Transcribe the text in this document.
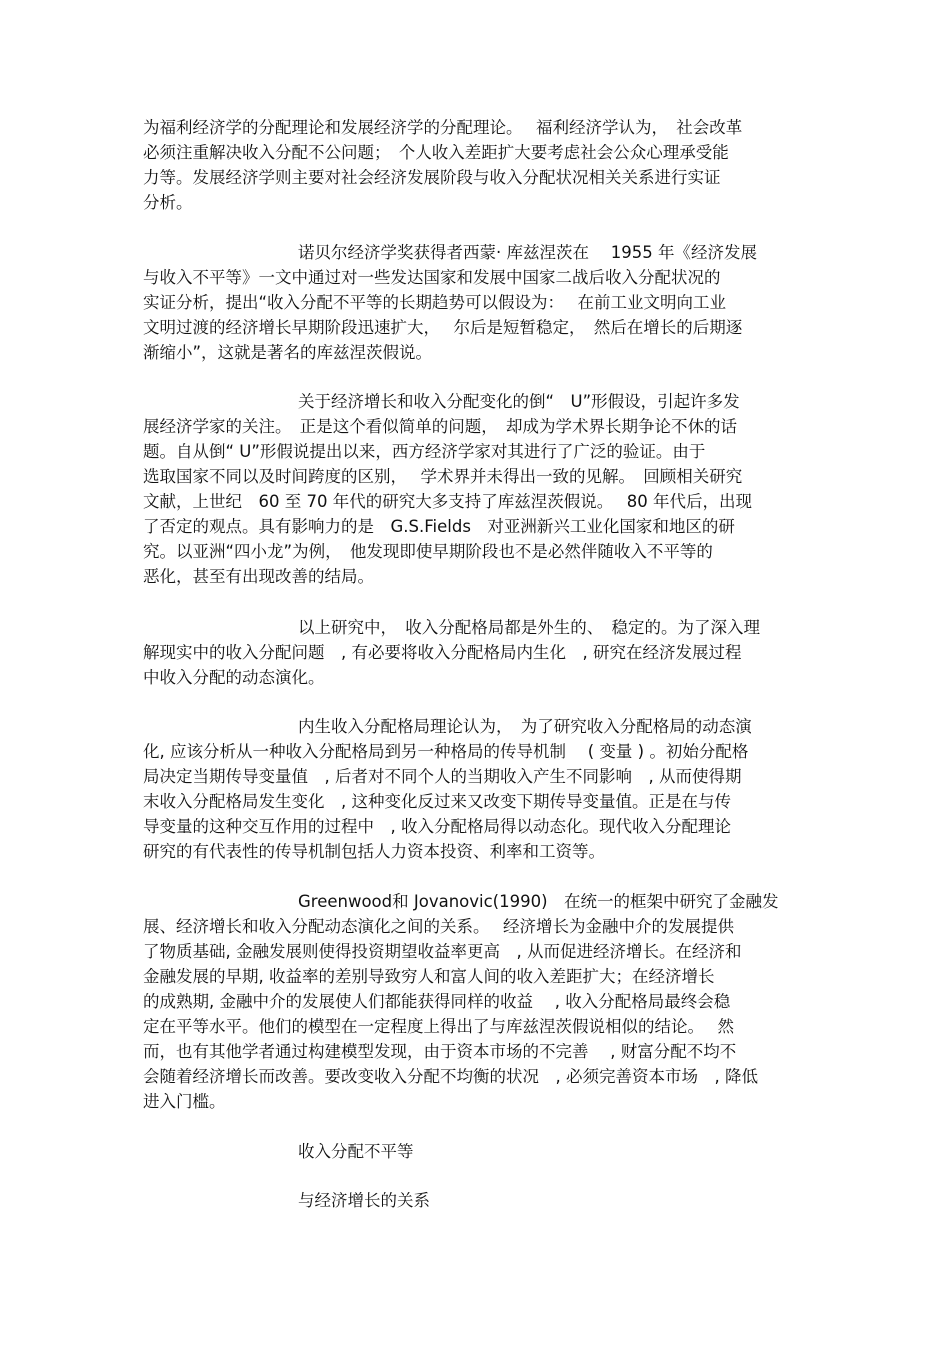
为福利经济学的分配理论和发展经济学的分配理论。　 福利经济学认为，　社会改革
必须注重解决收入分配不公问题；　个人收入差距扩大要考虑社会公众心理承受能
力等。发展经济学则主要对社会经济发展阶段与收入分配状况相关关系进行实证
分析。
诺贝尔经济学奖获得者西蒙· 库兹涅茨在　 1955 年《经济发展
与收入不平等》一文中通过对一些发达国家和发展中国家二战后收入分配状况的
实证分析，提出“收入分配不平等的长期趋势可以假设为：　 在前工业文明向工业
文明过渡的经济增长早期阶段迅速扩大，　 尔后是短暂稳定，　然后在增长的后期逐
渐缩小”，这就是著名的库兹涅茨假说。
关于经济增长和收入分配变化的倒“　U”形假设，引起许多发
展经济学家的关注。　正是这个看似简单的问题，　却成为学术界长期争论不休的话
题。自从倒“ U”形假说提出以来，西方经济学家对其进行了广泛的验证。由于
选取国家不同以及时间跨度的区别，　 学术界并未得出一致的见解。　回顾相关研究
文献，上世纪　60 至 70 年代的研究大多支持了库兹涅茨假说。　 80 年代后，出现
了否定的观点。具有影响力的是　G.S.Fields　对亚洲新兴工业化国家和地区的研
究。以亚洲“四小龙”为例，　他发现即使早期阶段也不是必然伴随收入不平等的
恶化，甚至有出现改善的结局。
以上研究中，　收入分配格局都是外生的、　稳定的。为了深入理
解现实中的收入分配问题　, 有必要将收入分配格局内生化　, 研究在经济发展过程
中收入分配的动态演化。
内生收入分配格局理论认为，　为了研究收入分配格局的动态演
化, 应该分析从一种收入分配格局到另一种格局的传导机制　 ( 变量 ) 。初始分配格
局决定当期传导变量值　, 后者对不同个人的当期收入产生不同影响　, 从而使得期
末收入分配格局发生变化　, 这种变化反过来又改变下期传导变量值。正是在与传
导变量的这种交互作用的过程中　, 收入分配格局得以动态化。现代收入分配理论
研究的有代表性的传导机制包括人力资本投资、利率和工资等。
Greenwood和 Jovanovic(1990)　在统一的框架中研究了金融发
展、经济增长和收入分配动态演化之间的关系。　 经济增长为金融中介的发展提供
了物质基础, 金融发展则使得投资期望收益率更高　, 从而促进经济增长。在经济和
金融发展的早期, 收益率的差别导致穷人和富人间的收入差距扩大；在经济增长
的成熟期, 金融中介的发展使人们都能获得同样的收益　 , 收入分配格局最终会稳
定在平等水平。他们的模型在一定程度上得出了与库兹涅茨假说相似的结论。　 然
而，也有其他学者通过构建模型发现，由于资本市场的不完善　 , 财富分配不均不
会随着经济增长而改善。要改变收入分配不均衡的状况　, 必须完善资本市场　, 降低
进入门槛。
收入分配不平等
与经济增长的关系
